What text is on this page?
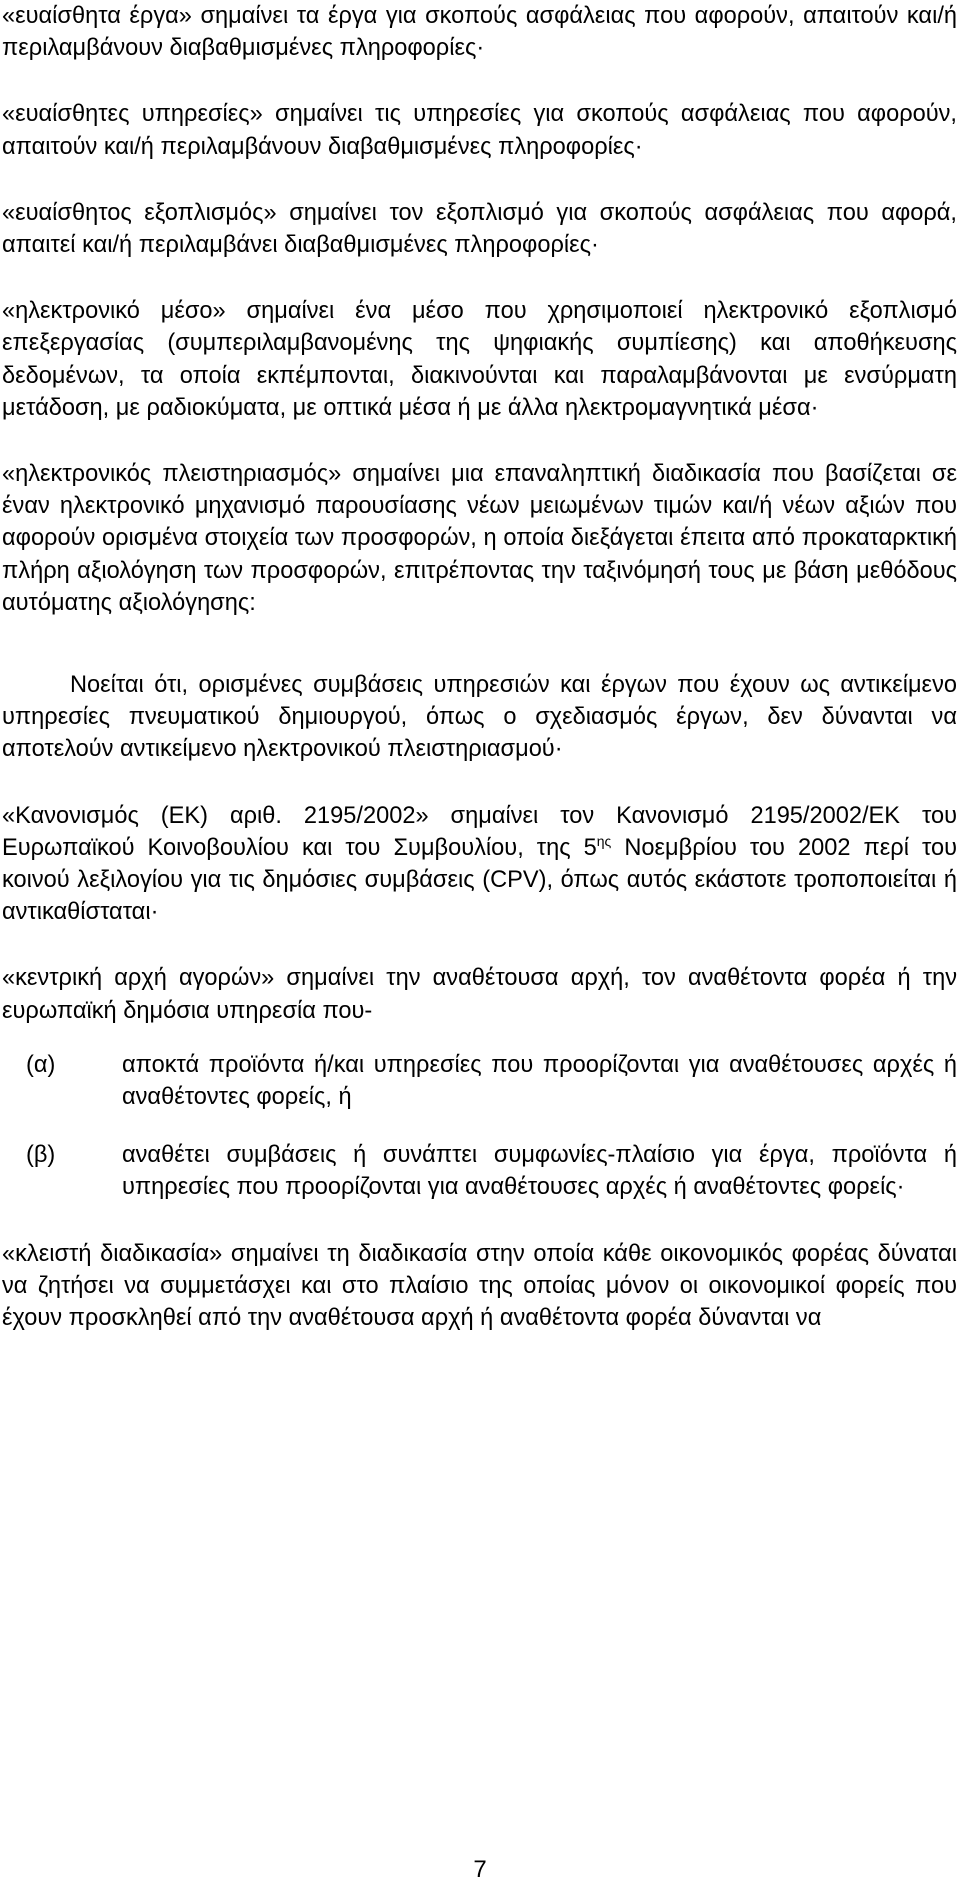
«ευαίσθητα έργα» σημαίνει τα έργα για σκοπούς ασφάλειας που αφορούν, απαιτούν και/ή περιλαμβάνουν διαβαθμισμένες πληροφορίες·

«ευαίσθητες υπηρεσίες» σημαίνει τις υπηρεσίες για σκοπούς ασφάλειας που αφορούν, απαιτούν και/ή περιλαμβάνουν διαβαθμισμένες πληροφορίες·

«ευαίσθητος εξοπλισμός» σημαίνει τον εξοπλισμό για σκοπούς ασφάλειας που αφορά, απαιτεί και/ή περιλαμβάνει διαβαθμισμένες πληροφορίες·

«ηλεκτρονικό μέσο» σημαίνει ένα μέσο που χρησιμοποιεί ηλεκτρονικό εξοπλισμό επεξεργασίας (συμπεριλαμβανομένης της ψηφιακής συμπίεσης) και αποθήκευσης δεδομένων, τα οποία εκπέμπονται, διακινούνται και παραλαμβάνονται με ενσύρματη μετάδοση, με ραδιοκύματα, με οπτικά μέσα ή με άλλα ηλεκτρομαγνητικά μέσα·

«ηλεκτρονικός πλειστηριασμός» σημαίνει μια επαναληπτική διαδικασία που βασίζεται σε έναν ηλεκτρονικό μηχανισμό παρουσίασης νέων μειωμένων τιμών και/ή νέων αξιών που αφορούν ορισμένα στοιχεία των προσφορών, η οποία διεξάγεται έπειτα από προκαταρκτική πλήρη αξιολόγηση των προσφορών, επιτρέποντας την ταξινόμησή τους με βάση μεθόδους αυτόματης αξιολόγησης:

Νοείται ότι, ορισμένες συμβάσεις υπηρεσιών και έργων που έχουν ως αντικείμενο υπηρεσίες πνευματικού δημιουργού, όπως ο σχεδιασμός έργων, δεν δύνανται να αποτελούν αντικείμενο ηλεκτρονικού πλειστηριασμού·

«Κανονισμός (ΕΚ) αριθ. 2195/2002» σημαίνει τον Κανονισμό 2195/2002/ΕΚ του Ευρωπαϊκού Κοινοβουλίου και του Συμβουλίου, της $5^{\eta\varsigma}$ Νοεμβρίου του 2002 περί του κοινού λεξιλογίου για τις δημόσιες συμβάσεις (CPV), όπως αυτός εκάστοτε τροποποιείται ή αντικαθίσταται·

«κεντρική αρχή αγορών» σημαίνει την αναθέτουσα αρχή, τον αναθέτοντα φορέα ή την ευρωπαϊκή δημόσια υπηρεσία που-

(α)	αποκτά προϊόντα ή/και υπηρεσίες που προορίζονται για αναθέτουσες αρχές ή αναθέτοντες φορείς, ή
(β)	αναθέτει συμβάσεις ή συνάπτει συμφωνίες-πλαίσιο για έργα, προϊόντα ή υπηρεσίες που προορίζονται για αναθέτουσες αρχές ή αναθέτοντες φορείς·

«κλειστή διαδικασία» σημαίνει τη διαδικασία στην οποία κάθε οικονομικός φορέας δύναται να ζητήσει να συμμετάσχει και στο πλαίσιο της οποίας μόνον οι οικονομικοί φορείς που έχουν προσκληθεί από την αναθέτουσα αρχή ή αναθέτοντα φορέα δύνανται να

7
